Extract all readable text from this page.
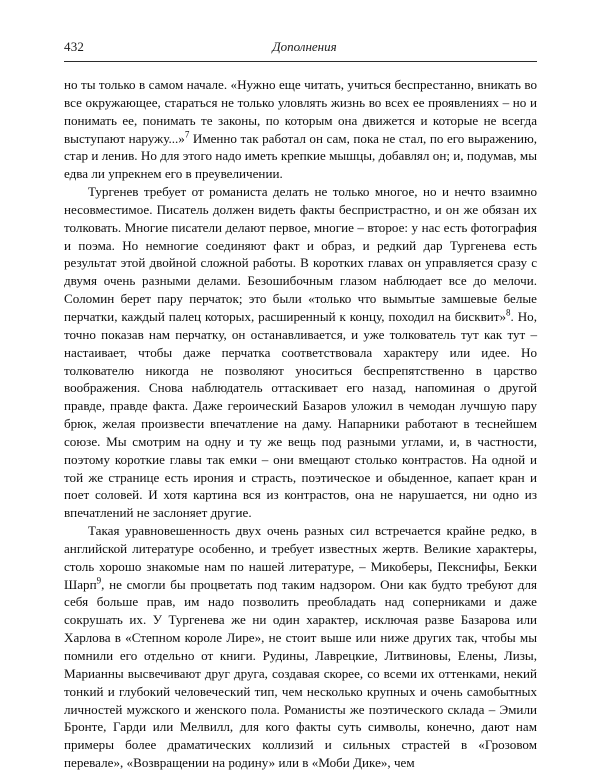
432	Дополнения

но ты только в самом начале. «Нужно еще читать, учиться беспрестанно, вникать во все окружающее, стараться не только уловлять жизнь во всех ее проявлениях – но и понимать ее, понимать те законы, по которым она движется и которые не всегда выступают наружу...»$^7$ Именно так работал он сам, пока не стал, по его выражению, стар и ленив. Но для этого надо иметь крепкие мышцы, добавлял он; и, подумав, мы едва ли упрекнем его в преувеличении.

Тургенев требует от романиста делать не только многое, но и нечто взаимно несовместимое. Писатель должен видеть факты беспристрастно, и он же обязан их толковать. Многие писатели делают первое, многие – второе: у нас есть фотография и поэма. Но немногие соединяют факт и образ, и редкий дар Тургенева есть результат этой двойной сложной работы. В коротких главах он управляется сразу с двумя очень разными делами. Безошибочным глазом наблюдает все до мелочи. Соломин берет пару перчаток; это были «только что вымытые замшевые белые перчатки, каждый палец которых, расширенный к концу, походил на бисквит»$^8$. Но, точно показав нам перчатку, он останавливается, и уже толкователь тут как тут – настаивает, чтобы даже перчатка соответствовала характеру или идее. Но толкователю никогда не позволяют уноситься беспрепятственно в царство воображения. Снова наблюдатель оттаскивает его назад, напоминая о другой правде, правде факта. Даже героический Базаров уложил в чемодан лучшую пару брюк, желая произвести впечатление на даму. Напарники работают в теснейшем союзе. Мы смотрим на одну и ту же вещь под разными углами, и, в частности, поэтому короткие главы так емки – они вмещают столько контрастов. На одной и той же странице есть ирония и страсть, поэтическое и обыденное, капает кран и поет соловей. И хотя картина вся из контрастов, она не нарушается, ни одно из впечатлений не заслоняет другие.

Такая уравновешенность двух очень разных сил встречается крайне редко, в английской литературе особенно, и требует известных жертв. Великие характеры, столь хорошо знакомые нам по нашей литературе, – Микоберы, Пекснифы, Бекки Шарп$^9$, не смогли бы процветать под таким надзором. Они как будто требуют для себя больше прав, им надо позволить преобладать над соперниками и даже сокрушать их. У Тургенева же ни один характер, исключая разве Базарова или Харлова в «Степном короле Лире», не стоит выше или ниже других так, чтобы мы помнили его отдельно от книги. Рудины, Лаврецкие, Литвиновы, Елены, Лизы, Марианны высвечивают друг друга, создавая скорее, со всеми их оттенками, некий тонкий и глубокий человеческий тип, чем несколько крупных и очень самобытных личностей мужского и женского пола. Романисты же поэтического склада – Эмили Бронте, Гарди или Мелвилл, для кого факты суть символы, конечно, дают нам примеры более драматических коллизий и сильных страстей в «Грозовом перевале», «Возвращении на родину» или в «Моби Дике», чем
